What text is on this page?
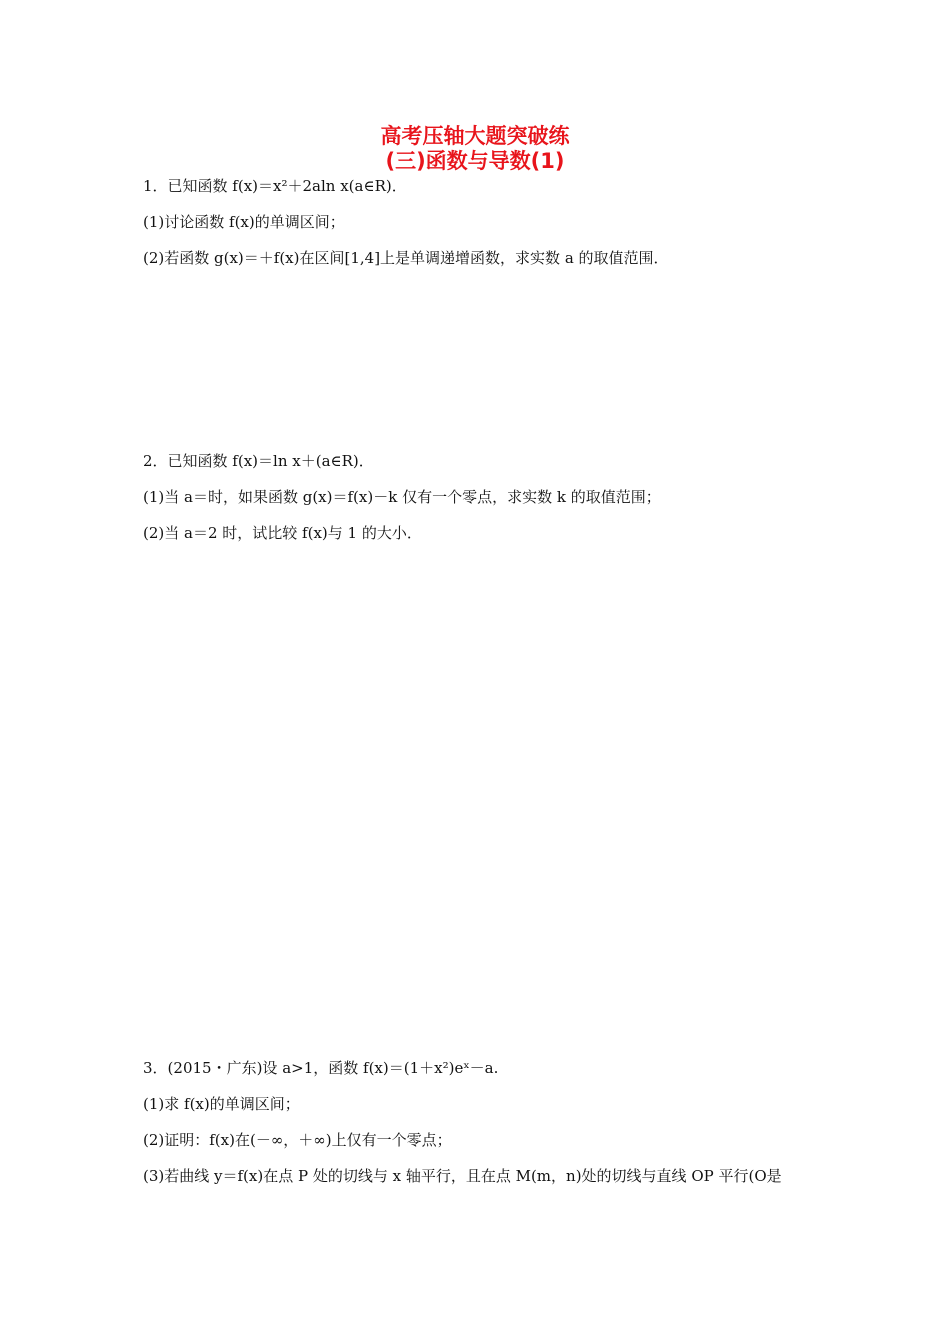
高考压轴大题突破练
(三)函数与导数(1)
1．已知函数 f(x)＝x²＋2aln x(a∈R)．
(1)讨论函数 f(x)的单调区间；
(2)若函数 g(x)＝＋f(x)在区间[1,4]上是单调递增函数，求实数 a 的取值范围．
2．已知函数 f(x)＝ln x＋(a∈R)．
(1)当 a＝时，如果函数 g(x)＝f(x)－k 仅有一个零点，求实数 k 的取值范围；
(2)当 a＝2 时，试比较 f(x)与 1 的大小．
3．(2015・广东)设 a>1，函数 f(x)＝(1＋x²)eˣ－a.
(1)求 f(x)的单调区间；
(2)证明：f(x)在(－∞，＋∞)上仅有一个零点；
(3)若曲线 y＝f(x)在点 P 处的切线与 x 轴平行，且在点 M(m，n)处的切线与直线 OP 平行(O是
